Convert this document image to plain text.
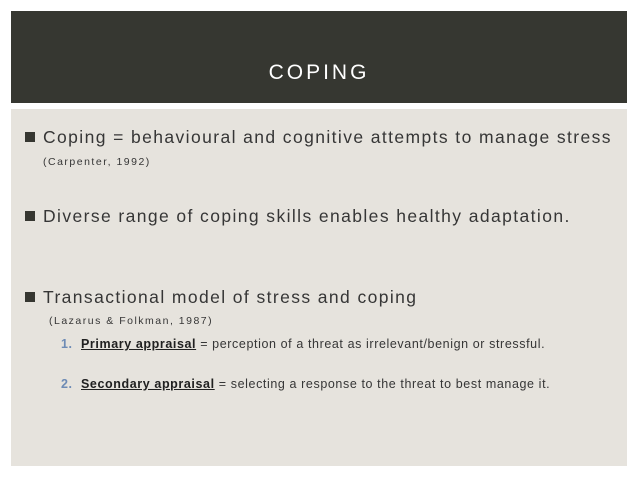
COPING
Coping = behavioural and cognitive attempts to manage stress (Carpenter, 1992)
Diverse range of coping skills enables healthy adaptation.
Transactional model of stress and coping
(Lazarus & Folkman, 1987)
1. Primary appraisal = perception of a threat as irrelevant/benign or stressful.
2. Secondary appraisal = selecting a response to the threat to best manage it.
